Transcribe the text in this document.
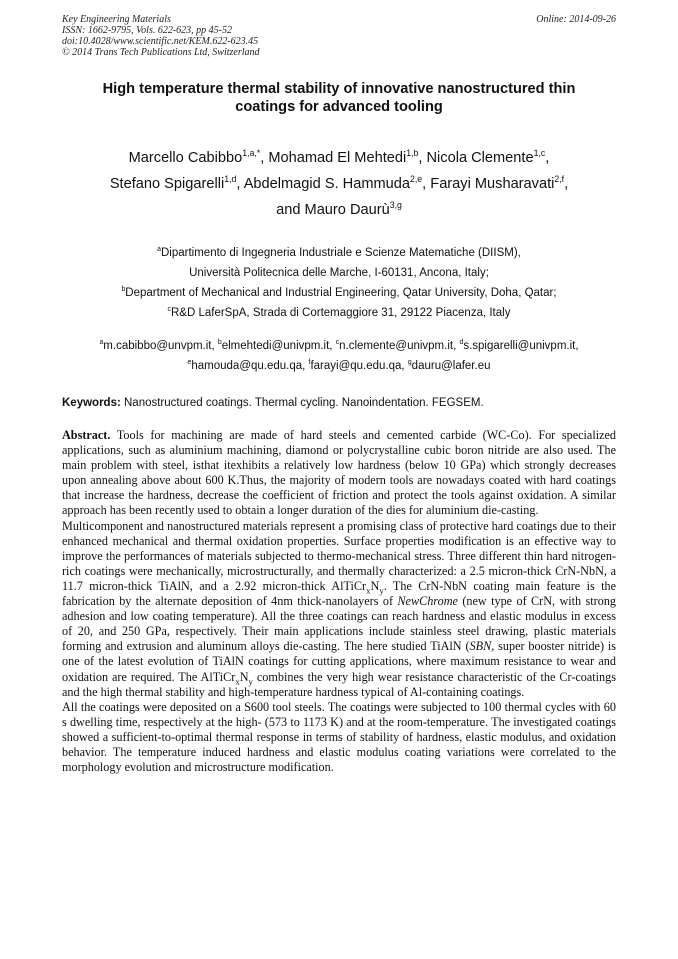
Key Engineering Materials
ISSN: 1662-9795, Vols. 622-623, pp 45-52
doi:10.4028/www.scientific.net/KEM.622-623.45
© 2014 Trans Tech Publications Ltd, Switzerland
Online: 2014-09-26
High temperature thermal stability of innovative nanostructured thin
coatings for advanced tooling
Marcello Cabibbo$^{1,a,*}$, Mohamad El Mehtedi$^{1,b}$, Nicola Clemente$^{1,c}$,
Stefano Spigarelli$^{1,d}$, Abdelmagid S. Hammuda$^{2,e}$, Farayi Musharavati$^{2,f}$,
and Mauro Daurù$^{3,g}$
$^a$Dipartimento di Ingegneria Industriale e Scienze Matematiche (DIISM),
Università Politecnica delle Marche, I-60131, Ancona, Italy;
$^b$Department of Mechanical and Industrial Engineering, Qatar University, Doha, Qatar;
$^c$R&D LaferSpA, Strada di Cortemaggiore 31, 29122 Piacenza, Italy
$^a$m.cabibbo@unvpm.it, $^b$elmehtedi@univpm.it, $^c$n.clemente@univpm.it, $^d$s.spigarelli@univpm.it,
$^e$hamouda@qu.edu.qa, $^f$farayi@qu.edu.qa, $^g$dauru@lafer.eu
Keywords: Nanostructured coatings. Thermal cycling. Nanoindentation. FEGSEM.

Abstract. Tools for machining are made of hard steels and cemented carbide (WC-Co). For specialized applications, such as aluminium machining, diamond or polycrystalline cubic boron nitride are also used. The main problem with steel, isthat itexhibits a relatively low hardness (below 10 GPa) which strongly decreases upon annealing above about 600 K.Thus, the majority of modern tools are nowadays coated with hard coatings that increase the hardness, decrease the coefficient of friction and protect the tools against oxidation. A similar approach has been recently used to obtain a longer duration of the dies for aluminium die-casting.

Multicomponent and nanostructured materials represent a promising class of protective hard coatings due to their enhanced mechanical and thermal oxidation properties. Surface properties modification is an effective way to improve the performances of materials subjected to thermo-mechanical stress. Three different thin hard nitrogen-rich coatings were mechanically, microstructurally, and thermally characterized: a 2.5 micron-thick CrN-NbN, a 11.7 micron-thick TiAlN, and a 2.92 micron-thick $AlTiCr_xN_y$. The CrN-NbN coating main feature is the fabrication by the alternate deposition of 4nm thick-nanolayers of NewChrome (new type of CrN, with strong adhesion and low coating temperature). All the three coatings can reach hardness and elastic modulus in excess of 20, and 250 GPa, respectively. Their main applications include stainless steel drawing, plastic materials forming and extrusion and aluminum alloys die-casting. The here studied TiAlN (SBN, super booster nitride) is one of the latest evolution of TiAlN coatings for cutting applications, where maximum resistance to wear and oxidation are required. The $AlTiCr_xN_y$ combines the very high wear resistance characteristic of the Cr-coatings and the high thermal stability and high-temperature hardness typical of Al-containing coatings.

All the coatings were deposited on a S600 tool steels. The coatings were subjected to 100 thermal cycles with 60 s dwelling time, respectively at the high- (573 to 1173 K) and at the room-temperature. The investigated coatings showed a sufficient-to-optimal thermal response in terms of stability of hardness, elastic modulus, and oxidation behavior. The temperature induced hardness and elastic modulus coating variations were correlated to the morphology evolution and microstructure modification.
